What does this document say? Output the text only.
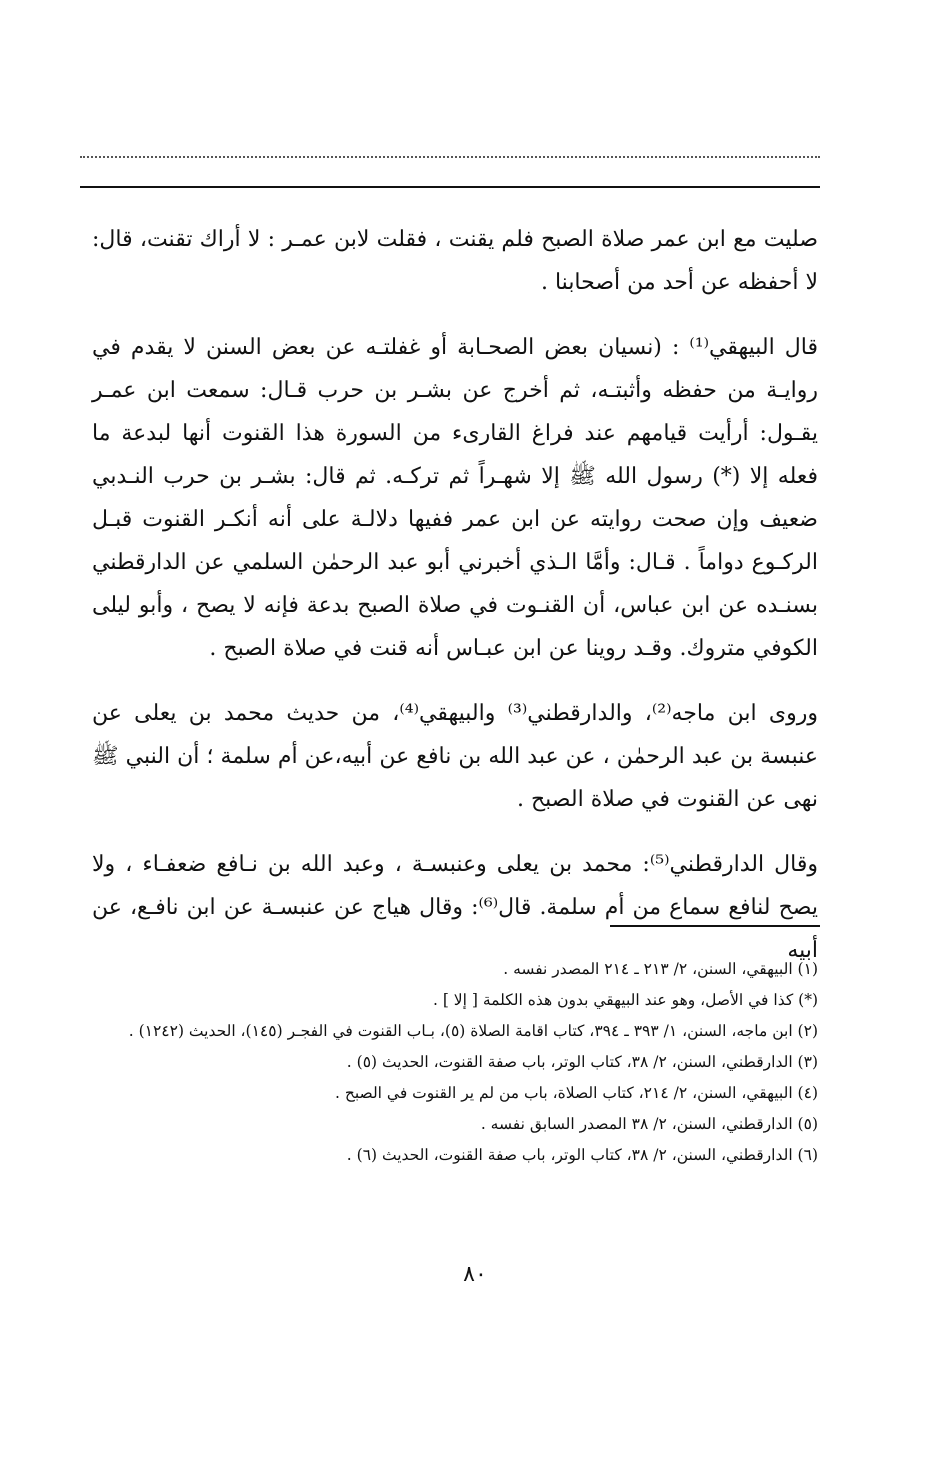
صليت مع ابن عمر صلاة الصبح فلم يقنت ، فقلت لابن عمـر : لا أراك تقنت، قال: لا أحفظه عن أحد من أصحابنا .

قال البيهقي⁽¹⁾ : (نسيان بعض الصحـابة أو غفلتـه عن بعض السنن لا يقدم في روايـة من حفظه وأثبتـه، ثم أخرج عن بشـر بن حرب قـال: سمعت ابن عمـر يقـول: أرأيت قيامهم عند فراغ القارىء من السورة هذا القنوت أنها لبدعة ما فعله إلا (*) رسول الله ﷺ إلا شهـراً ثم تركـه. ثم قال: بشـر بن حرب النـدبي ضعيف وإن صحت روايته عن ابن عمر ففيها دلالـة على أنه أنكـر القنوت قبـل الركـوع دواماً . قـال: وأمَّا الـذي أخبرني أبو عبد الرحمٰن السلمي عن الدارقطني بسنـده عن ابن عباس، أن القنـوت في صلاة الصبح بدعة فإنه لا يصح ، وأبو ليلى الكوفي متروك. وقـد روينا عن ابن عبـاس أنه قنت في صلاة الصبح .

وروى ابن ماجه⁽²⁾، والدارقطني⁽³⁾ والبيهقي⁽⁴⁾، من حديث محمد بن يعلى عن عنبسة بن عبد الرحمٰن ، عن عبد الله بن نافع عن أبيه،عن أم سلمة ؛ أن النبي ﷺ نهى عن القنوت في صلاة الصبح .

وقال الدارقطني⁽⁵⁾: محمد بن يعلى وعنبسـة ، وعبد الله بن نـافع ضعفـاء ، ولا يصح لنافع سماع من أم سلمة. قال⁽⁶⁾: وقال هياج عن عنبسـة عن ابن نافـع، عن أبيه

(١) البيهقي، السنن، ٢/ ٢١٣ ـ ٢١٤ المصدر نفسه .

(*) كذا في الأصل، وهو عند البيهقي بدون هذه الكلمة [ إلا ] .

(٢) ابن ماجه، السنن، ١/ ٣٩٣ ـ ٣٩٤، كتاب اقامة الصلاة (٥)، بـاب القنوت في الفجـر (١٤٥)، الحديث (١٢٤٢) .

(٣) الدارقطني، السنن، ٢/ ٣٨، كتاب الوتر، باب صفة القنوت، الحديث (٥) .

(٤) البيهقي، السنن، ٢/ ٢١٤، كتاب الصلاة، باب من لم ير القنوت في الصبح .

(٥) الدارقطني، السنن، ٢/ ٣٨ المصدر السابق نفسه .

(٦) الدارقطني، السنن، ٢/ ٣٨، كتاب الوتر، باب صفة القنوت، الحديث (٦) .

٨٠
